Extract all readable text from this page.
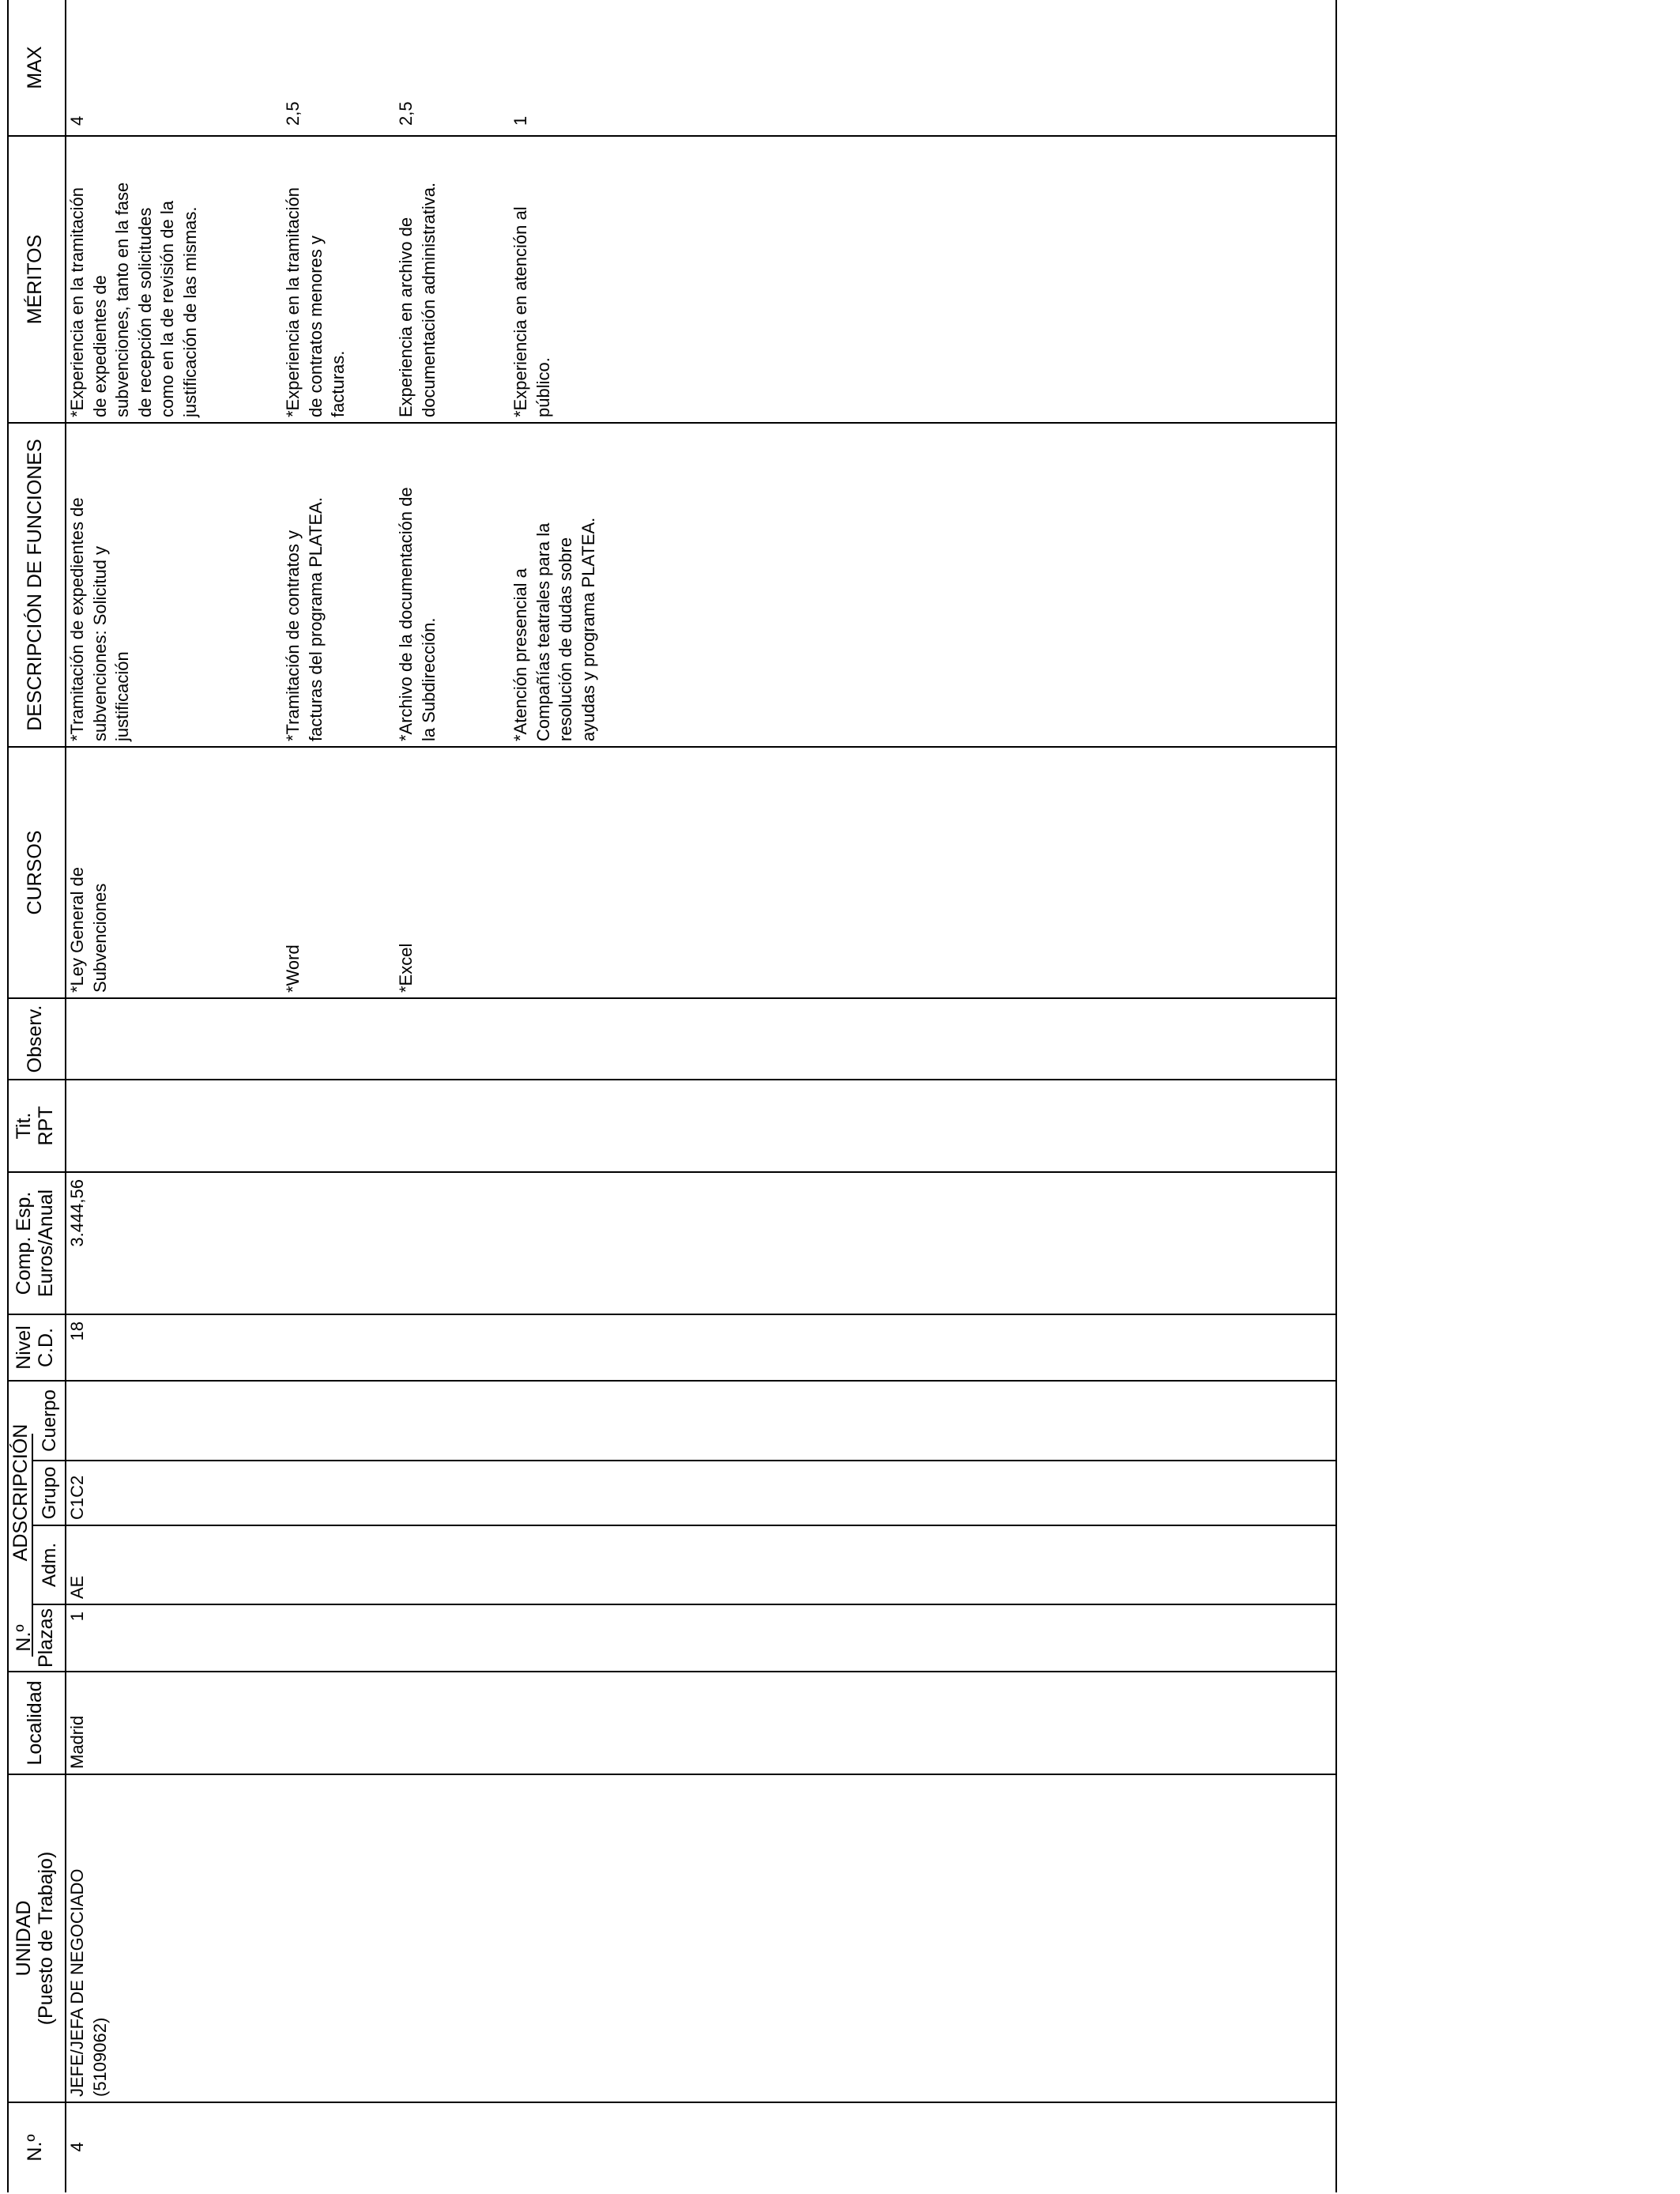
N.º
UNIDAD
(Puesto de Trabajo)
Localidad
N.º
Plazas
ADSCRIPCIÓN
Adm.
Grupo
Cuerpo
Nivel
C.D.
Comp. Esp.
Euros/Anual
Tit.
RPT
Observ.
CURSOS
DESCRIPCIÓN DE FUNCIONES
MÉRITOS
MAX
4
JEFE/JEFA DE NEGOCIADO
(5109062)
Madrid
1
AE
C1C2
18
3.444,56
*Ley General de
Subvenciones
*Tramitación de expedientes de
subvenciones: Solicitud y
justificación
*Experiencia en la tramitación
de expedientes de
subvenciones, tanto en la fase
de recepción de solicitudes
como en la de revisión de la
justificación de las mismas.
4
*Word
*Tramitación de contratos y
facturas del programa PLATEA.
*Experiencia en la tramitación
de contratos menores y
facturas.
2,5
*Excel
*Archivo de la documentación de
la Subdirección.
Experiencia en archivo de
documentación administrativa.
2,5
*Atención presencial a
Compañías teatrales para la
resolución de dudas sobre
ayudas y programa PLATEA.
*Experiencia en atención al
público.
1
